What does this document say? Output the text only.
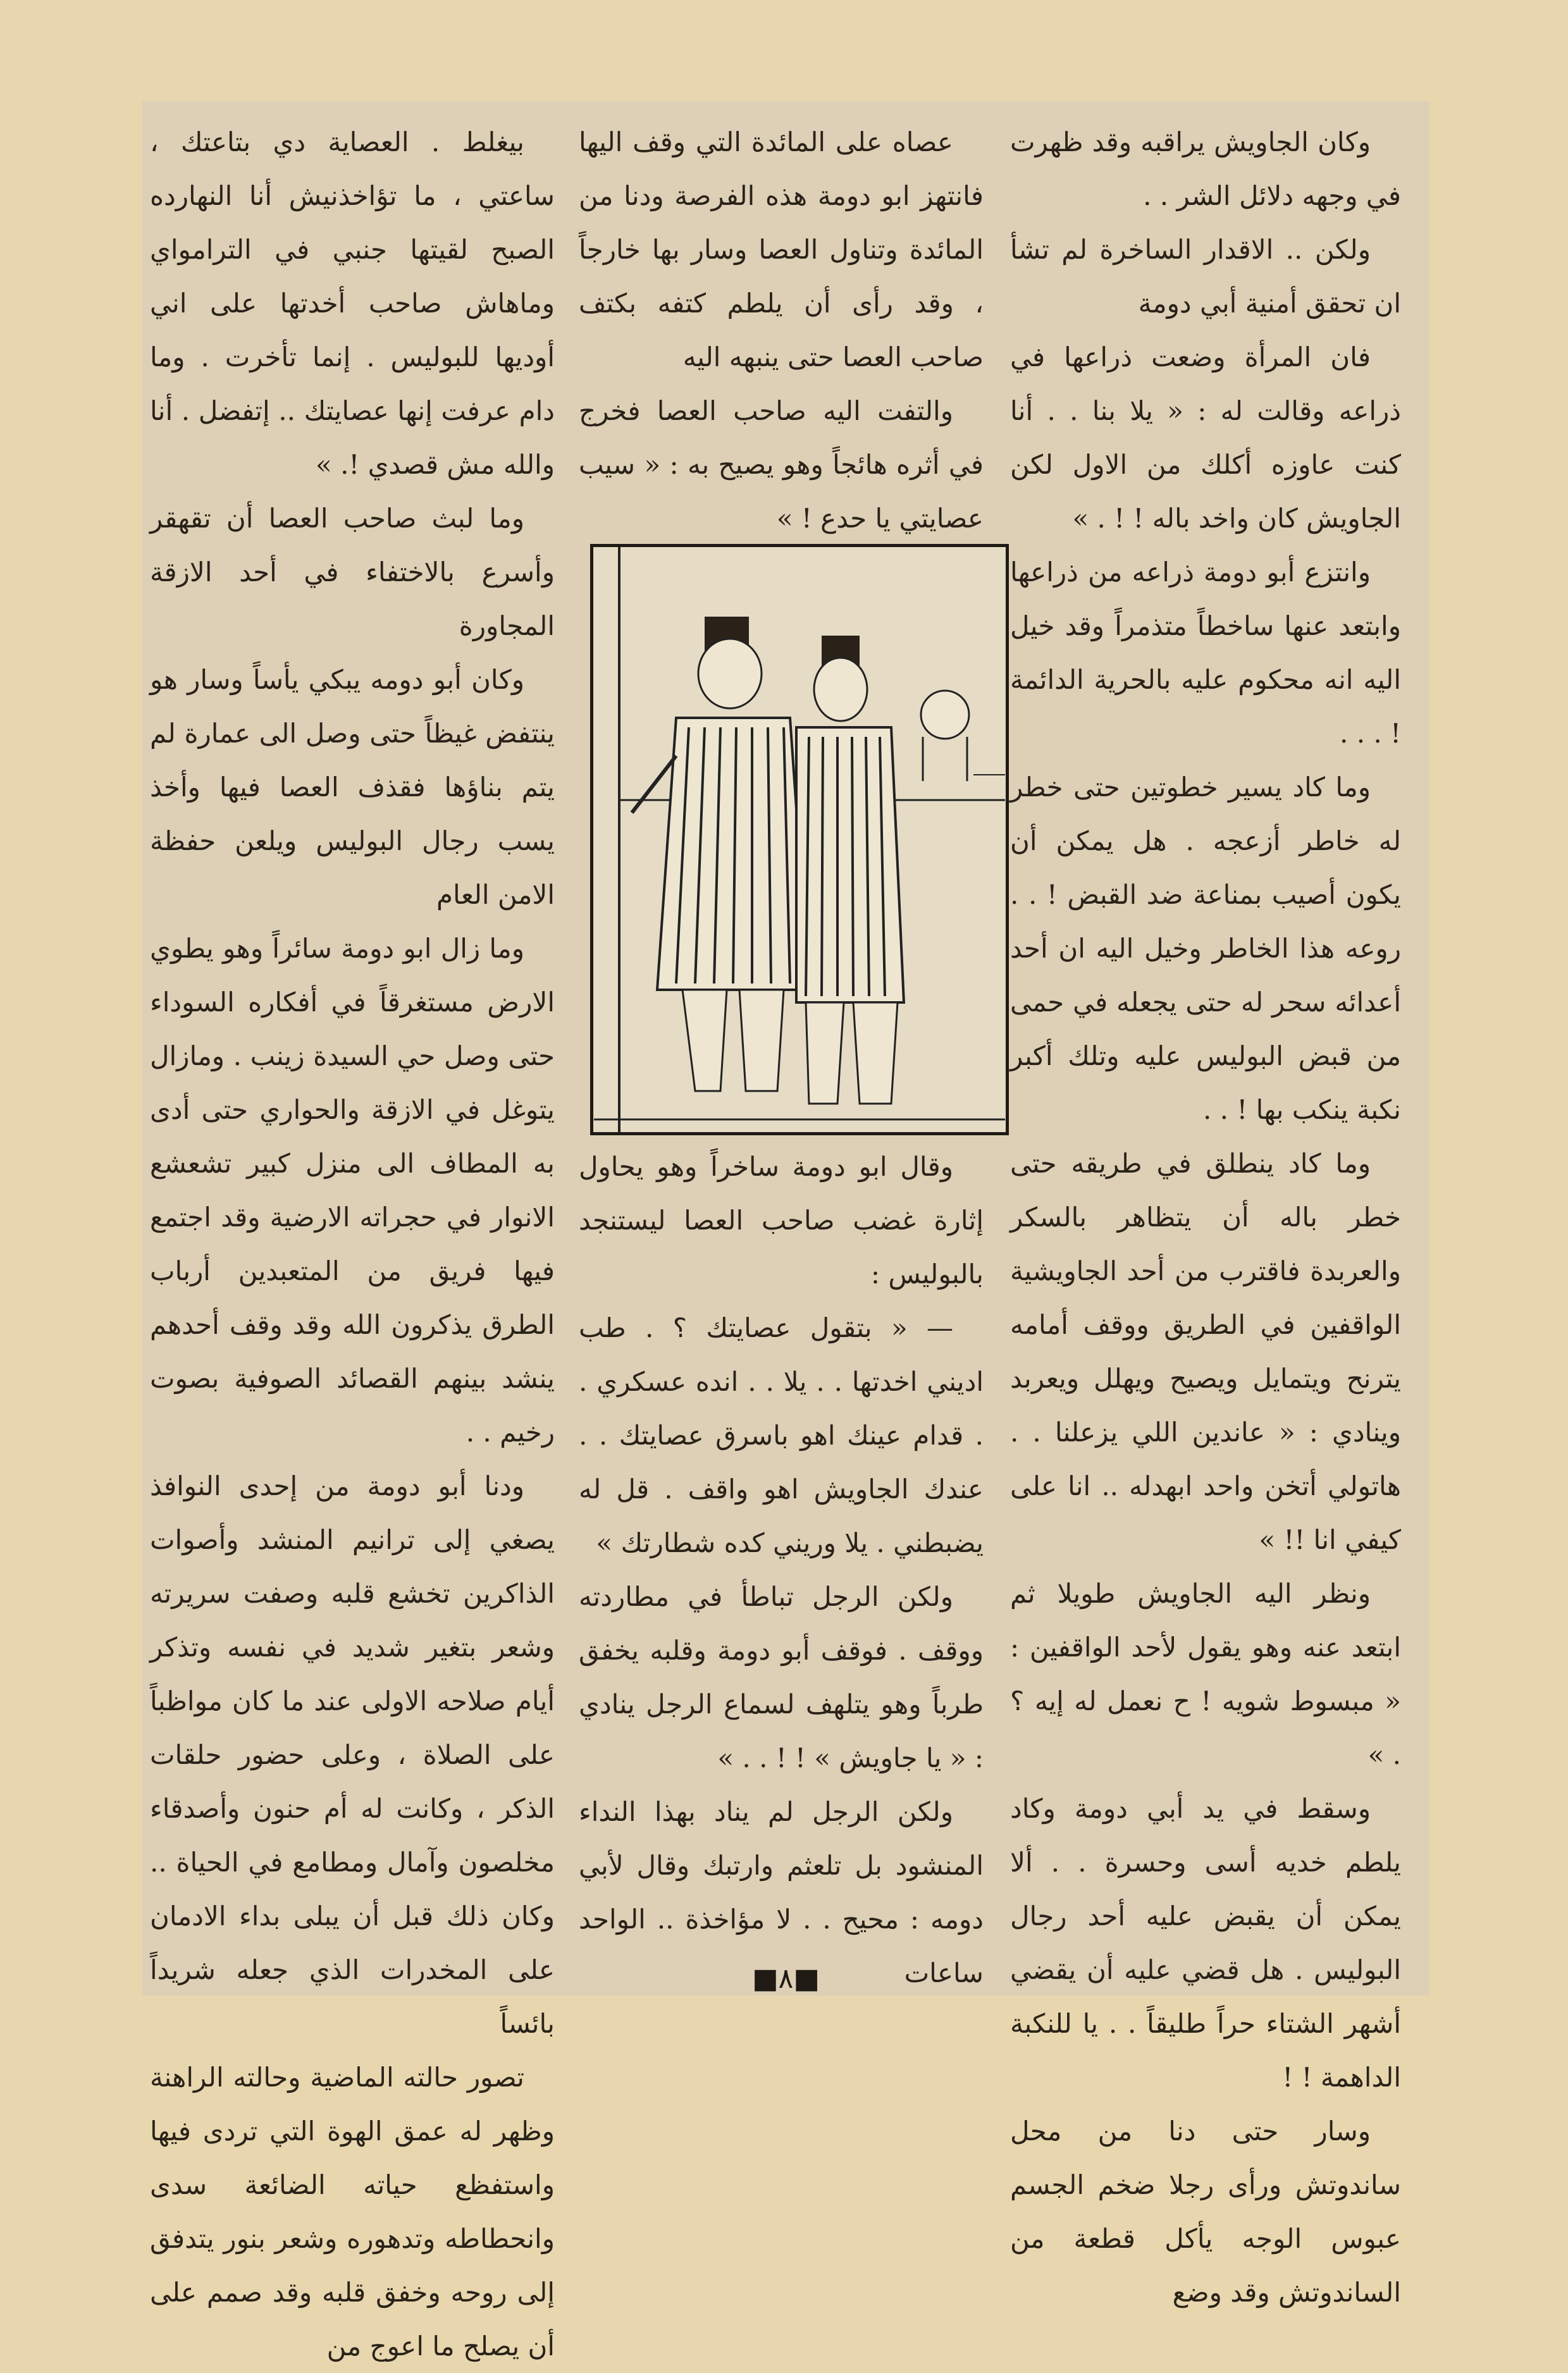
وكان الجاويش يراقبه وقد ظهرت في وجهه دلائل الشر . .

ولكن .. الاقدار الساخرة لم تشأ ان تحقق أمنية أبي دومة

فان المرأة وضعت ذراعها في ذراعه وقالت له : « يلا بنا . . أنا كنت عاوزه أكلك من الاول لكن الجاويش كان واخد باله ! ! . »

وانتزع أبو دومة ذراعه من ذراعها وابتعد عنها ساخطاً متذمراً وقد خيل اليه انه محكوم عليه بالحرية الدائمة ! . . .

وما كاد يسير خطوتين حتى خطر له خاطر أزعجه . هل يمكن أن يكون أصيب بمناعة ضد القبض ! . . روعه هذا الخاطر وخيل اليه ان أحد أعدائه سحر له حتى يجعله في حمى من قبض البوليس عليه وتلك أكبر نكبة ينكب بها ! . .

وما كاد ينطلق في طريقه حتى خطر باله أن يتظاهر بالسكر والعربدة فاقترب من أحد الجاويشية الواقفين في الطريق ووقف أمامه يترنح ويتمايل ويصيح ويهلل ويعربد وينادي : « عاندين اللي يزعلنا . . هاتولي أتخن واحد ابهدله .. انا على كيفي انا !! »

ونظر اليه الجاويش طويلا ثم ابتعد عنه وهو يقول لأحد الواقفين : « مبسوط شويه ! ح نعمل له إيه ؟ . »

وسقط في يد أبي دومة وكاد يلطم خديه أسى وحسرة . . ألا يمكن أن يقبض عليه أحد رجال البوليس . هل قضي عليه أن يقضي أشهر الشتاء حراً طليقاً . . يا للنكبة الداهمة ! !

وسار حتى دنا من محل ساندوتش ورأى رجلا ضخم الجسم عبوس الوجه يأكل قطعة من الساندوتش وقد وضع

عصاه على المائدة التي وقف اليها فانتهز ابو دومة هذه الفرصة ودنا من المائدة وتناول العصا وسار بها خارجاً ، وقد رأى أن يلطم كتفه بكتف صاحب العصا حتى ينبهه اليه

والتفت اليه صاحب العصا فخرج في أثره هائجاً وهو يصيح به : « سيب عصايتي يا حدع ! »

وقال ابو دومة ساخراً وهو يحاول إثارة غضب صاحب العصا ليستنجد بالبوليس :

— « بتقول عصايتك ؟ . طب اديني اخدتها . . يلا . . انده عسكري . . قدام عينك اهو باسرق عصايتك . . عندك الجاويش اهو واقف . قل له يضبطني . يلا وريني كده شطارتك »

ولكن الرجل تباطأ في مطاردته ووقف . فوقف أبو دومة وقلبه يخفق طرباً وهو يتلهف لسماع الرجل ينادي : « يا جاويش » ! ! . . »

ولكن الرجل لم يناد بهذا النداء المنشود بل تلعثم وارتبك وقال لأبي دومه : محيح . . لا مؤاخذة .. الواحد ساعات

بيغلط . العصاية دي بتاعتك ، ساعتي ، ما تؤاخذنيش أنا النهارده الصبح لقيتها جنبي في الترامواي وماهاش صاحب أخدتها على اني أوديها للبوليس . إنما تأخرت . وما دام عرفت إنها عصايتك .. إتفضل . أنا والله مش قصدي !. »

وما لبث صاحب العصا أن تقهقر وأسرع بالاختفاء في أحد الازقة المجاورة

وكان أبو دومه يبكي يأساً وسار هو ينتفض غيظاً حتى وصل الى عمارة لم يتم بناؤها فقذف العصا فيها وأخذ يسب رجال البوليس ويلعن حفظة الامن العام

وما زال ابو دومة سائراً وهو يطوي الارض مستغرقاً في أفكاره السوداء حتى وصل حي السيدة زينب . ومازال يتوغل في الازقة والحواري حتى أدى به المطاف الى منزل كبير تشعشع الانوار في حجراته الارضية وقد اجتمع فيها فريق من المتعبدين أرباب الطرق يذكرون الله وقد وقف أحدهم ينشد بينهم القصائد الصوفية بصوت رخيم . .

ودنا أبو دومة من إحدى النوافذ يصغي إلى ترانيم المنشد وأصوات الذاكرين تخشع قلبه وصفت سريرته وشعر بتغير شديد في نفسه وتذكر أيام صلاحه الاولى عند ما كان مواظباً على الصلاة ، وعلى حضور حلقات الذكر ، وكانت له أم حنون وأصدقاء مخلصون وآمال ومطامع في الحياة .. وكان ذلك قبل أن يبلى بداء الادمان على المخدرات الذي جعله شريداً بائساً

تصور حالته الماضية وحالته الراهنة وظهر له عمق الهوة التي تردى فيها واستفظع حياته الضائعة سدى وانحطاطه وتدهوره وشعر بنور يتدفق إلى روحه وخفق قلبه وقد صمم على أن يصلح ما اعوج من

■٨■
